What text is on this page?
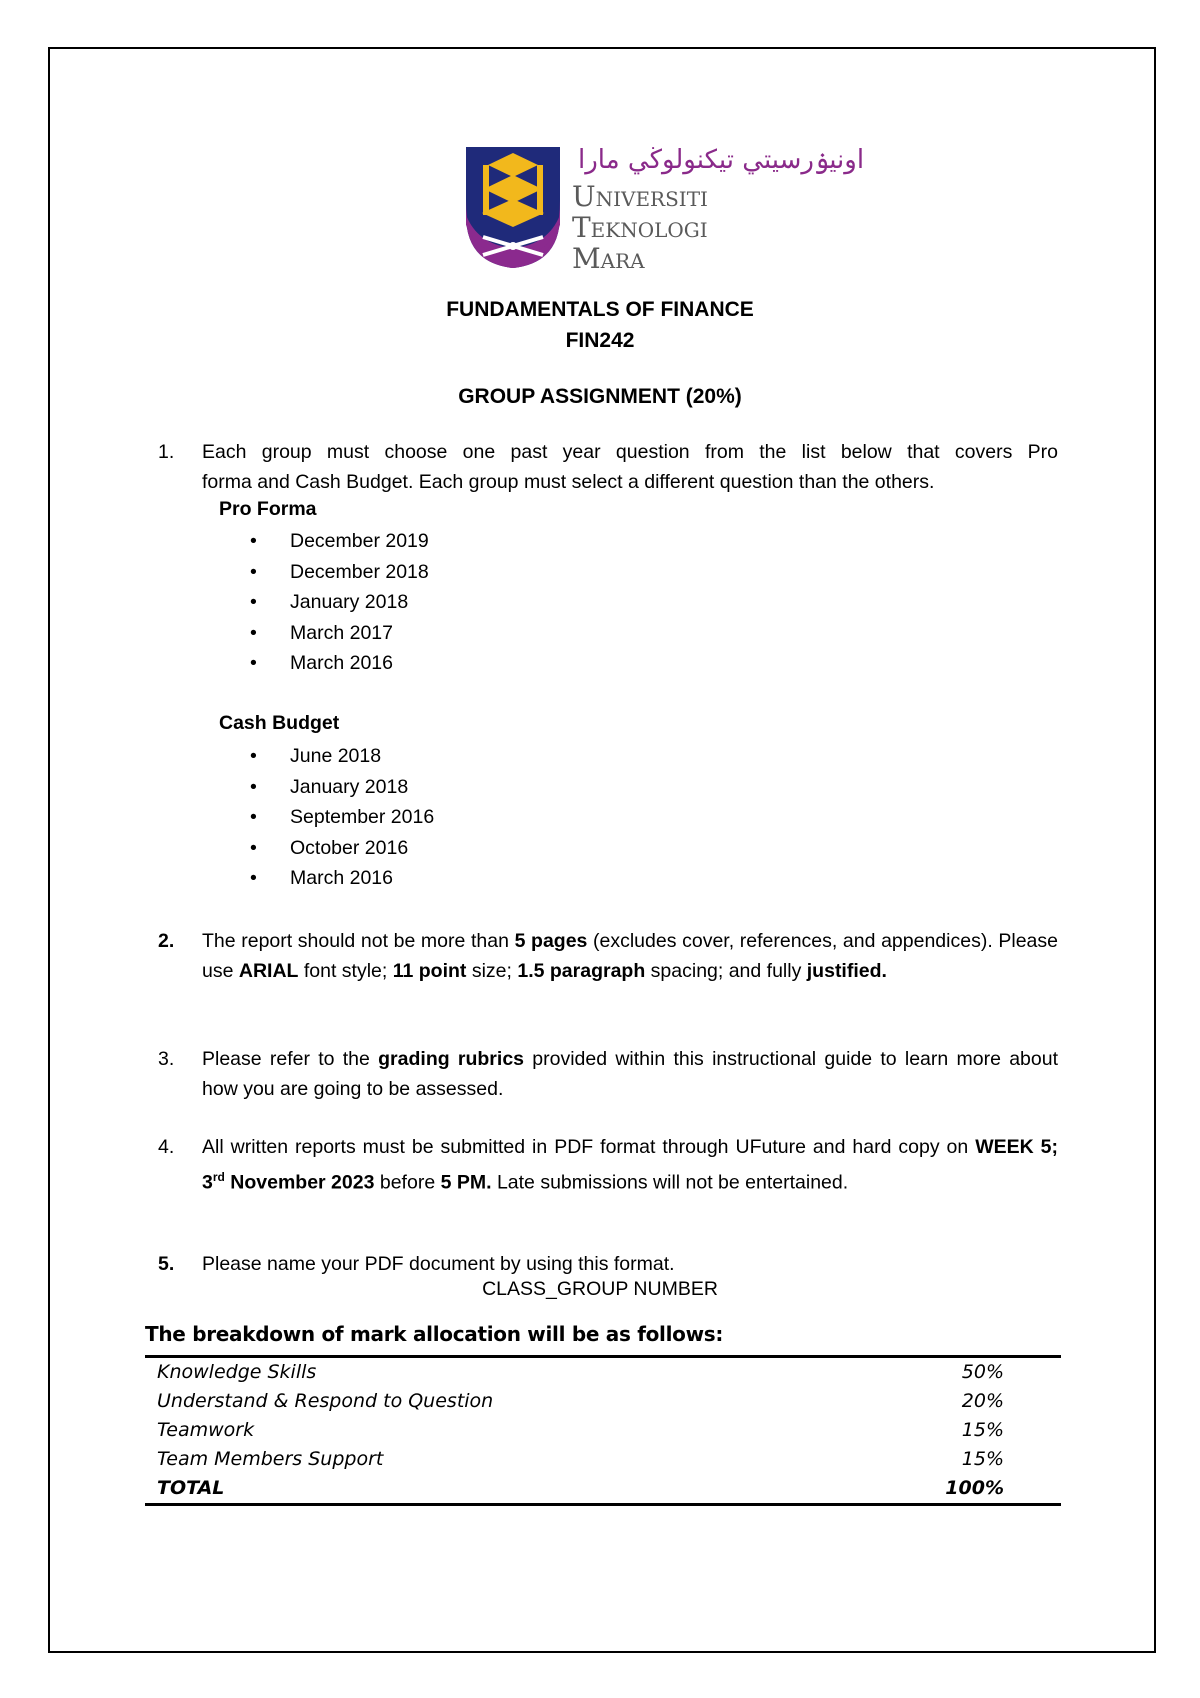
اونيۏرسيتي تيكنولوڬي مارا
Universiti
Teknologi
Mara
FUNDAMENTALS OF FINANCE
FIN242
GROUP ASSIGNMENT (20%)
1. Each group must choose one past year question from the list below that covers Pro
forma and Cash Budget. Each group must select a different question than the others.
Pro Forma
• December 2019
• December 2018
• January 2018
• March 2017
• March 2016
Cash Budget
• June 2018
• January 2018
• September 2016
• October 2016
• March 2016
2. The report should not be more than 5 pages (excludes cover, references, and appendices). Please use ARIAL font style; 11 point size; 1.5 paragraph spacing; and fully justified.
3. Please refer to the grading rubrics provided within this instructional guide to learn more about how you are going to be assessed.
4. All written reports must be submitted in PDF format through UFuture and hard copy on WEEK 5; 3rd November 2023 before 5 PM. Late submissions will not be entertained.
5. Please name your PDF document by using this format.
CLASS_GROUP NUMBER
The breakdown of mark allocation will be as follows:
Knowledge Skills	50%
Understand & Respond to Question	20%
Teamwork	15%
Team Members Support	15%
TOTAL	100%
